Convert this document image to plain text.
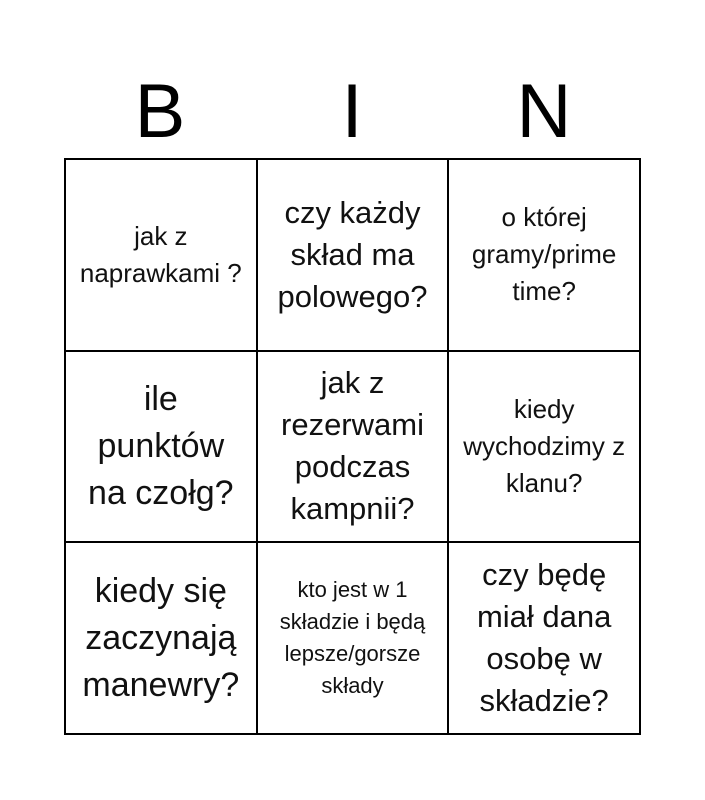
B	I	N
jak z naprawkami ?
czy każdy skład ma polowego?
o której gramy/prime time?
ile punktów na czołg?
jak z rezerwami podczas kampnii?
kiedy wychodzimy z klanu?
kiedy się zaczynają manewry?
kto jest w 1 składzie i będą lepsze/gorsze składy
czy będę miał dana osobę w składzie?
